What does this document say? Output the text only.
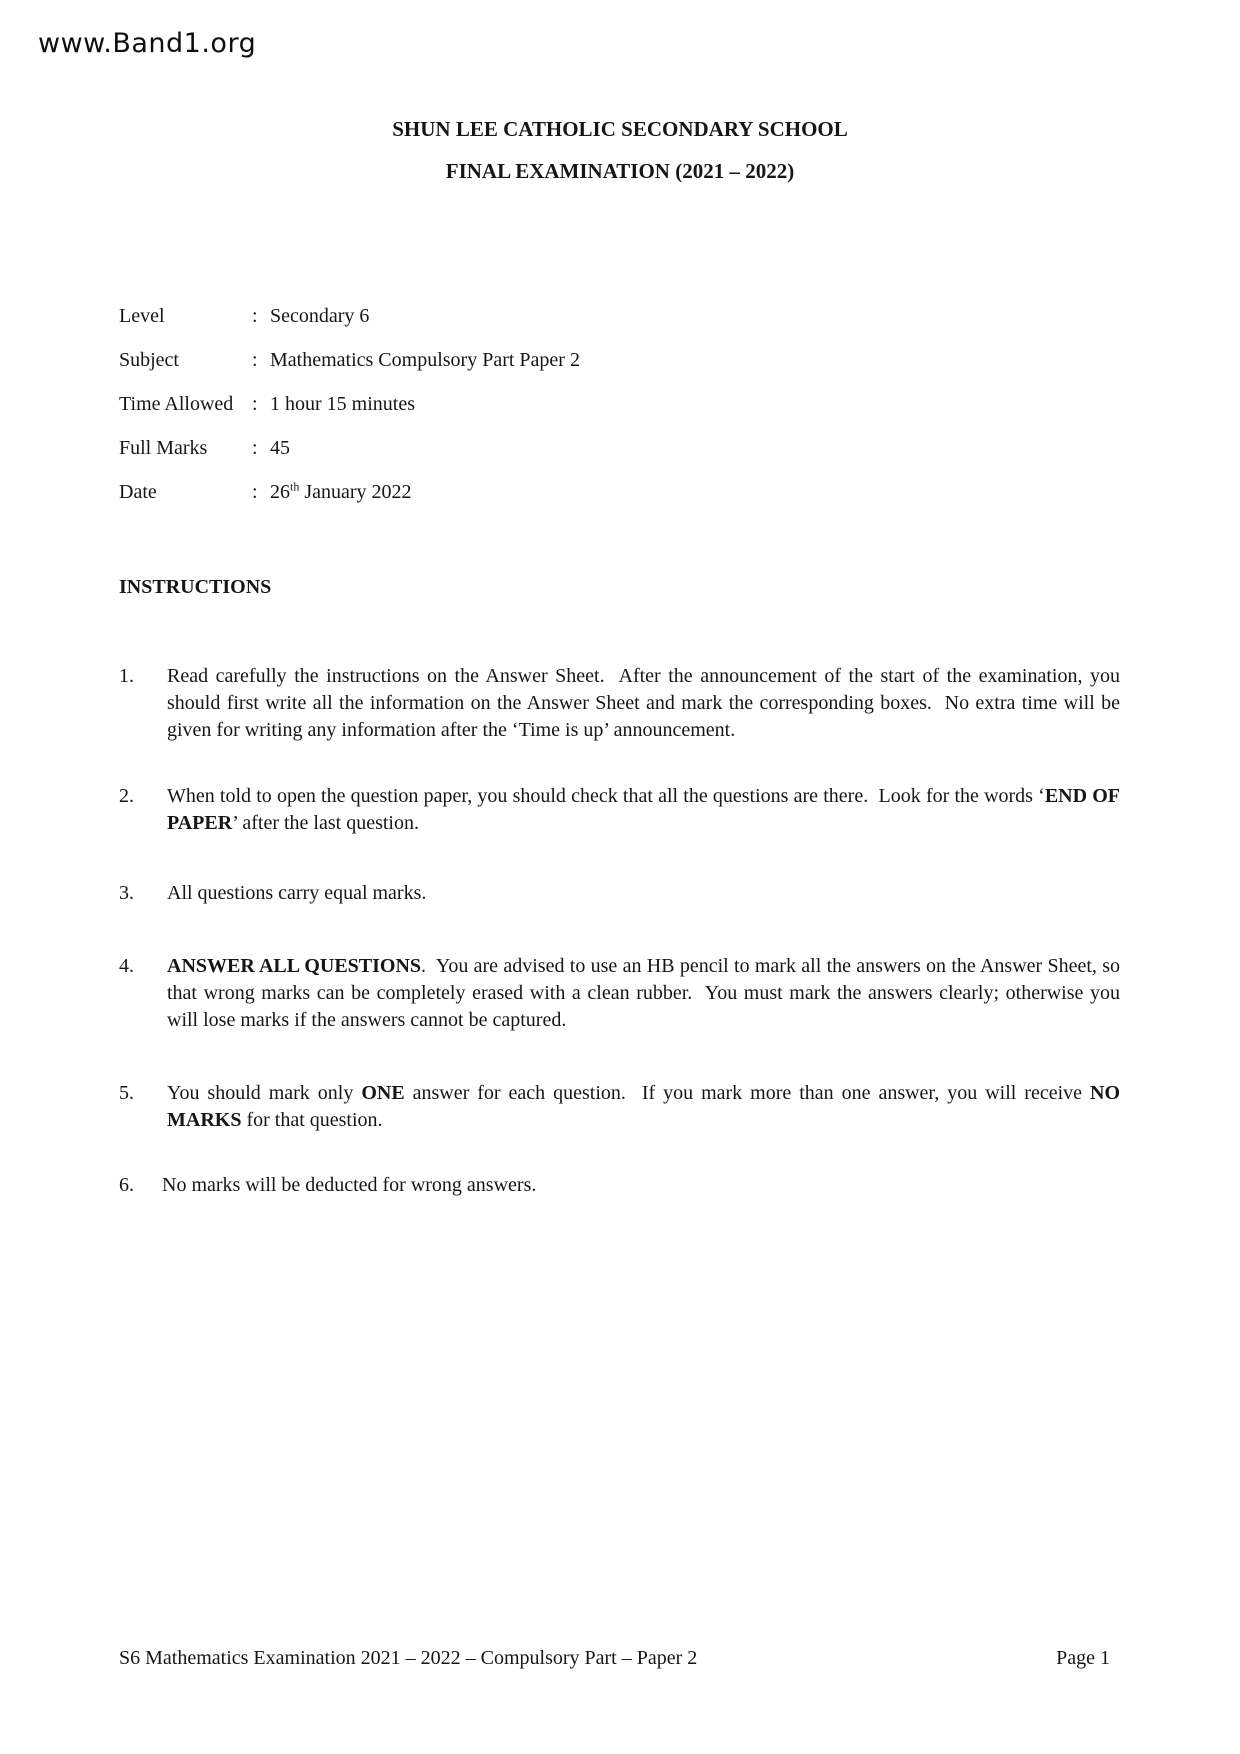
www.Band1.org
SHUN LEE CATHOLIC SECONDARY SCHOOL
FINAL EXAMINATION (2021 – 2022)
Level	: Secondary 6
Subject	: Mathematics Compulsory Part Paper 2
Time Allowed : 1 hour 15 minutes
Full Marks	: 45
Date	: 26th January 2022
INSTRUCTIONS
1.	Read carefully the instructions on the Answer Sheet.  After the announcement of the start of the examination, you should first write all the information on the Answer Sheet and mark the corresponding boxes.  No extra time will be given for writing any information after the ‘Time is up’ announcement.
2.	When told to open the question paper, you should check that all the questions are there.  Look for the words ‘END OF PAPER’ after the last question.
3.	All questions carry equal marks.
4.	ANSWER ALL QUESTIONS.  You are advised to use an HB pencil to mark all the answers on the Answer Sheet, so that wrong marks can be completely erased with a clean rubber.  You must mark the answers clearly; otherwise you will lose marks if the answers cannot be captured.
5.	You should mark only ONE answer for each question.  If you mark more than one answer, you will receive NO MARKS for that question.
6.	No marks will be deducted for wrong answers.
S6 Mathematics Examination 2021 – 2022 – Compulsory Part – Paper 2	Page 1
